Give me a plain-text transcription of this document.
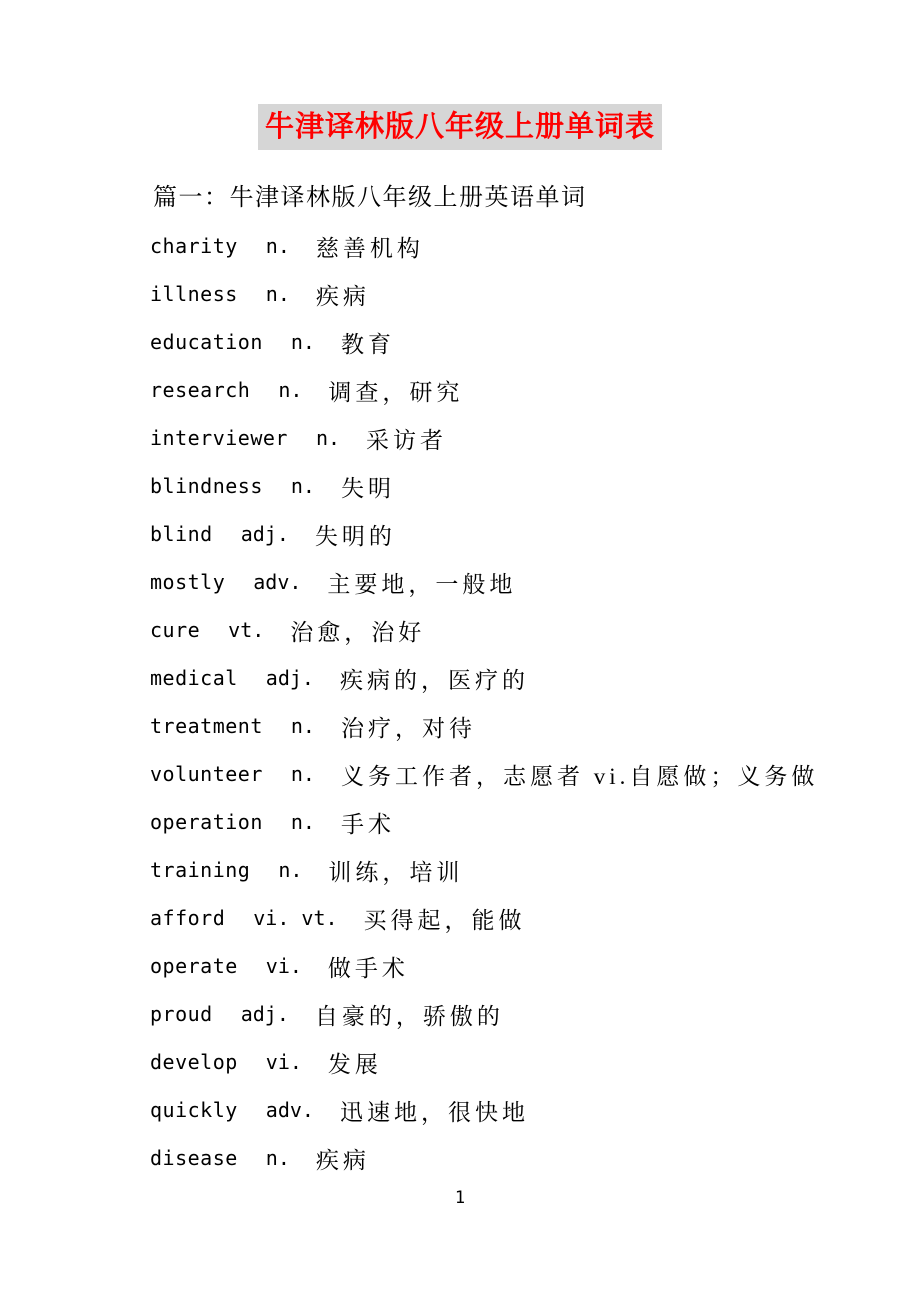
牛津译林版八年级上册单词表

篇一：牛津译林版八年级上册英语单词

charity n. 慈善机构
illness n. 疾病
education n. 教育
research n. 调查，研究
interviewer n. 采访者
blindness n. 失明
blind adj. 失明的
mostly adv. 主要地，一般地
cure vt. 治愈，治好
medical adj. 疾病的，医疗的
treatment n. 治疗，对待
volunteer n. 义务工作者，志愿者 vi.自愿做；义务做
operation n. 手术
training n. 训练，培训
afford vi. vt. 买得起，能做
operate vi. 做手术
proud adj. 自豪的，骄傲的
develop vi. 发展
quickly adv. 迅速地，很快地
disease n. 疾病
1
